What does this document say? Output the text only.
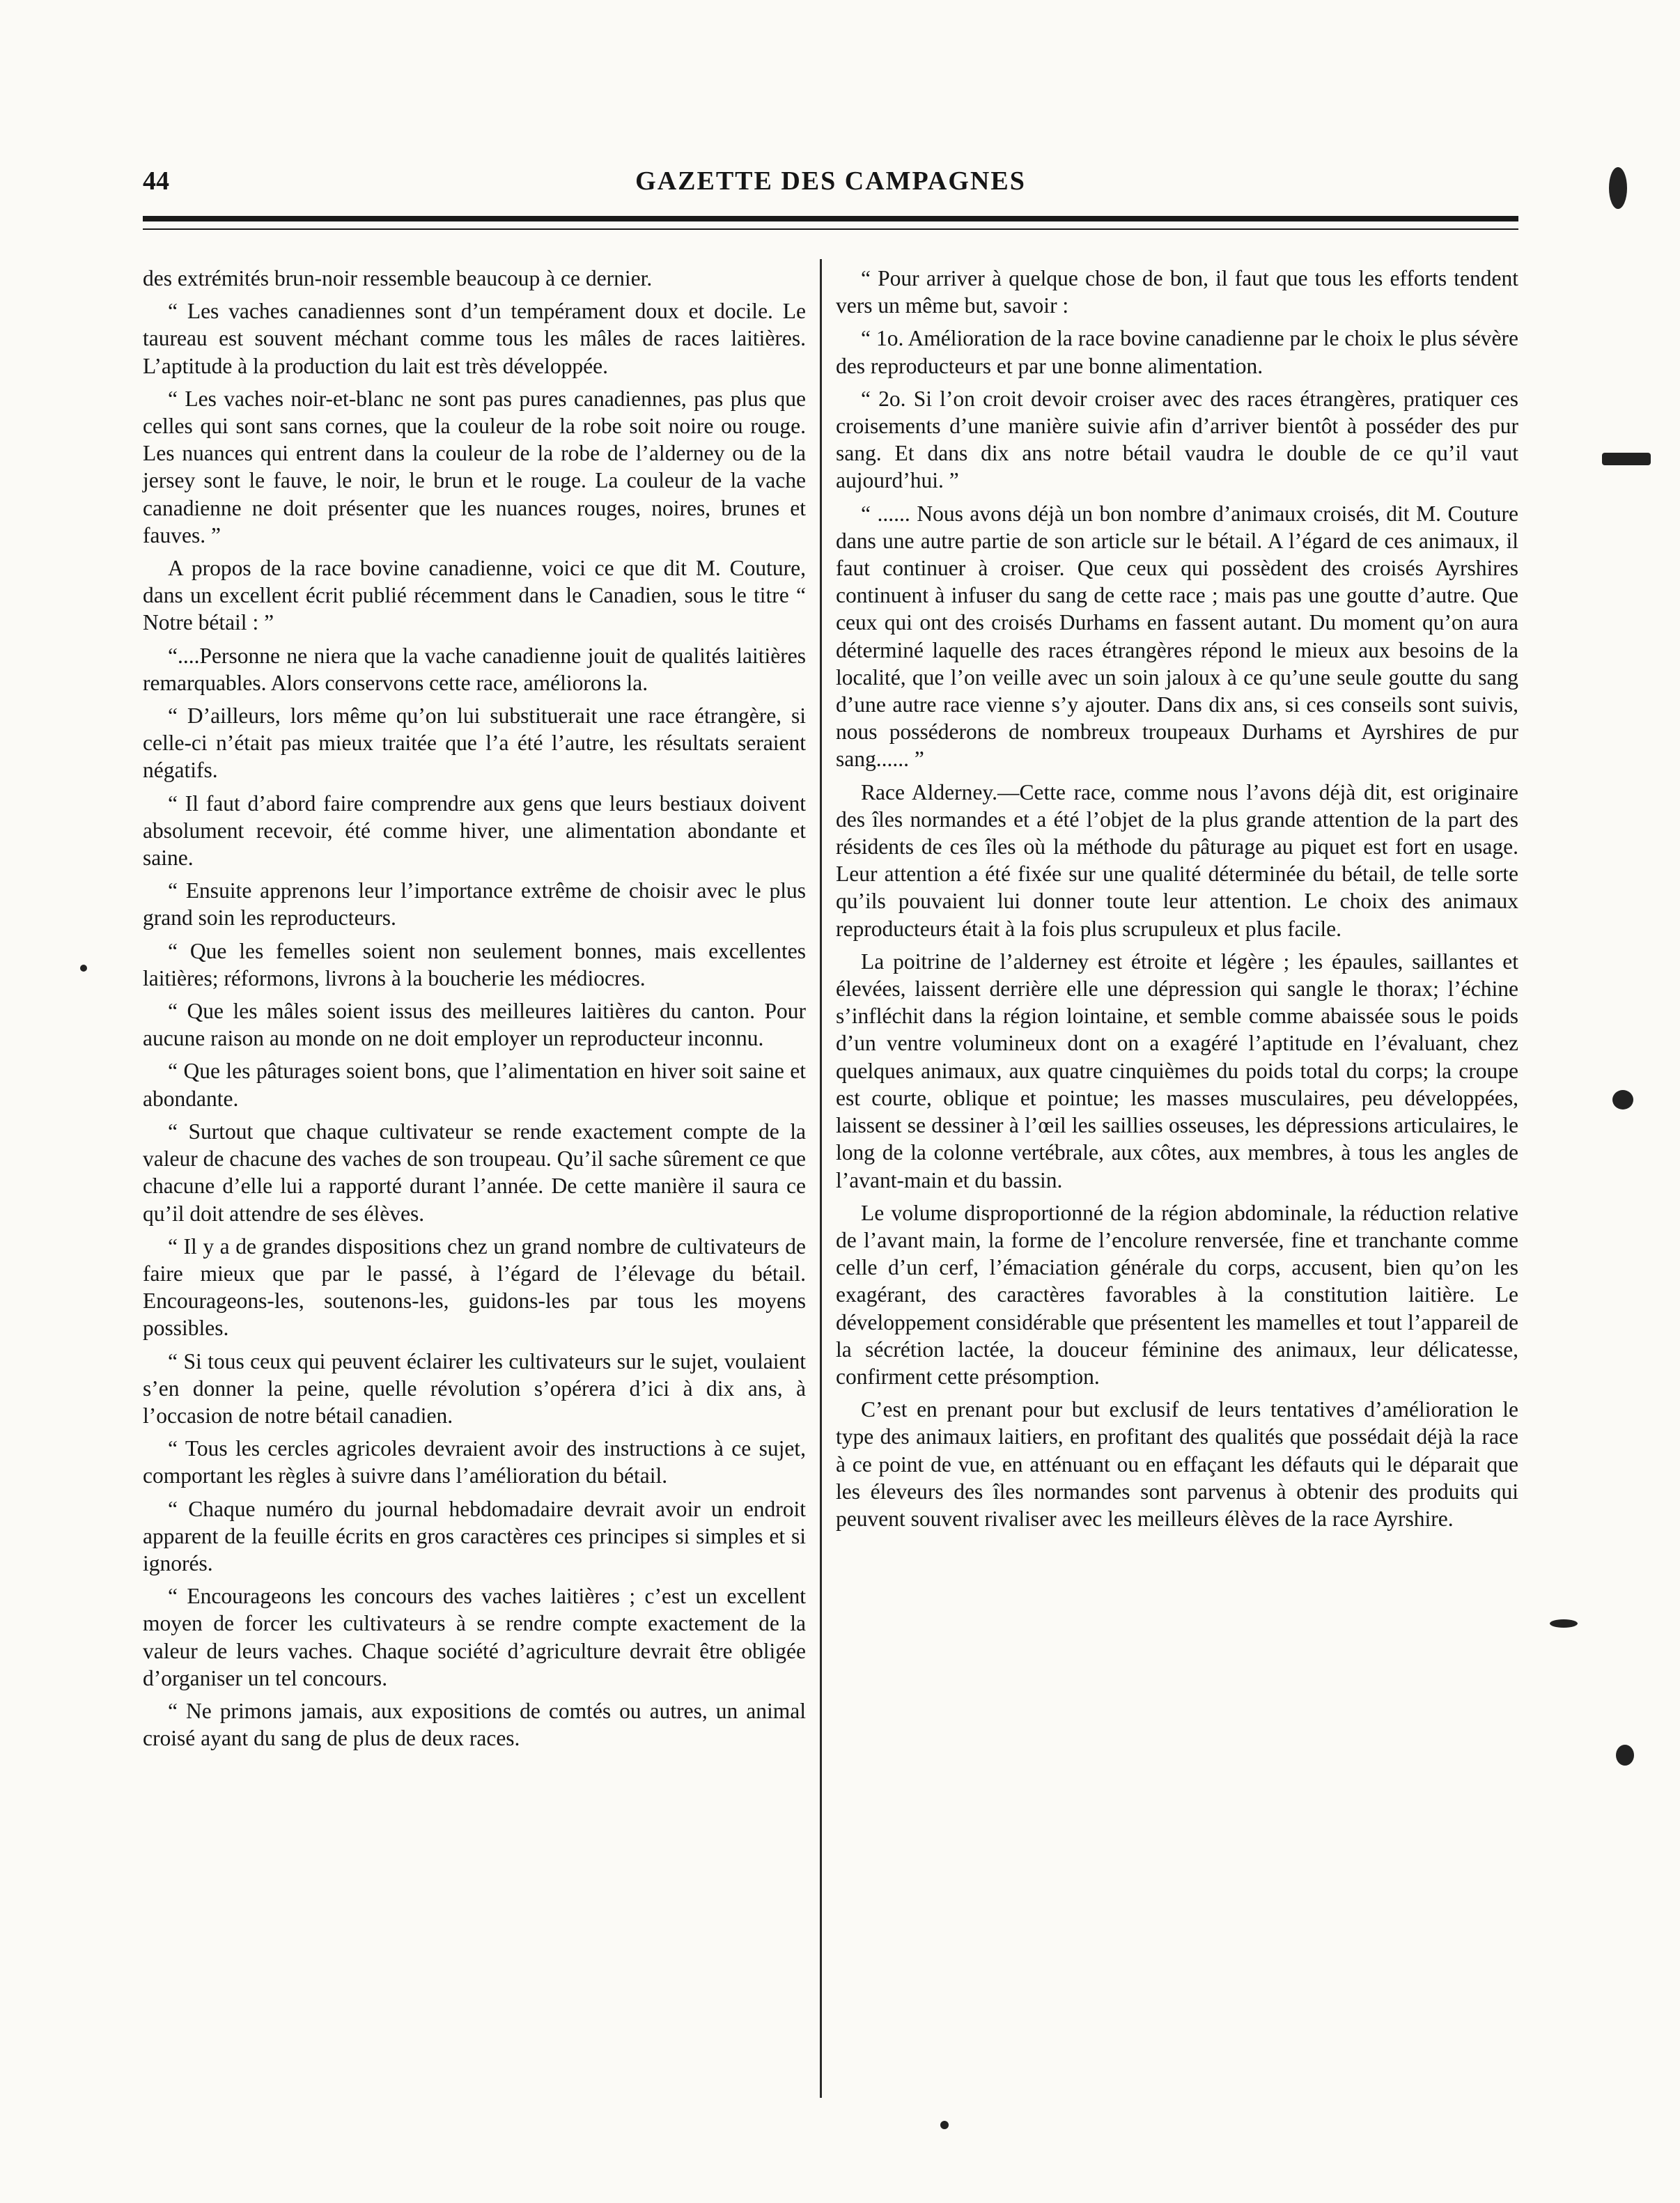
44	GAZETTE DES CAMPAGNES

des extrémités brun-noir ressemble beaucoup à ce dernier.

“ Les vaches canadiennes sont d’un tempérament doux et docile. Le taureau est souvent méchant comme tous les mâles de races laitières. L’aptitude à la production du lait est très développée.

“ Les vaches noir-et-blanc ne sont pas pures canadiennes, pas plus que celles qui sont sans cornes, que la couleur de la robe soit noire ou rouge. Les nuances qui entrent dans la couleur de la robe de l’alderney ou de la jersey sont le fauve, le noir, le brun et le rouge. La couleur de la vache canadienne ne doit présenter que les nuances rouges, noires, brunes et fauves. ”

A propos de la race bovine canadienne, voici ce que dit M. Couture, dans un excellent écrit publié récemment dans le Canadien, sous le titre “ Notre bétail : ”

“....Personne ne niera que la vache canadienne jouit de qualités laitières remarquables. Alors conservons cette race, améliorons la.

“ D’ailleurs, lors même qu’on lui substituerait une race étrangère, si celle-ci n’était pas mieux traitée que l’a été l’autre, les résultats seraient négatifs.

“ Il faut d’abord faire comprendre aux gens que leurs bestiaux doivent absolument recevoir, été comme hiver, une alimentation abondante et saine.

“ Ensuite apprenons leur l’importance extrême de choisir avec le plus grand soin les reproducteurs.

“ Que les femelles soient non seulement bonnes, mais excellentes laitières; réformons, livrons à la boucherie les médiocres.

“ Que les mâles soient issus des meilleures laitières du canton. Pour aucune raison au monde on ne doit employer un reproducteur inconnu.

“ Que les pâturages soient bons, que l’alimentation en hiver soit saine et abondante.

“ Surtout que chaque cultivateur se rende exactement compte de la valeur de chacune des vaches de son troupeau. Qu’il sache sûrement ce que chacune d’elle lui a rapporté durant l’année. De cette manière il saura ce qu’il doit attendre de ses élèves.

“ Il y a de grandes dispositions chez un grand nombre de cultivateurs de faire mieux que par le passé, à l’égard de l’élevage du bétail. Encourageons-les, soutenons-les, guidons-les par tous les moyens possibles.

“ Si tous ceux qui peuvent éclairer les cultivateurs sur le sujet, voulaient s’en donner la peine, quelle révolution s’opérera d’ici à dix ans, à l’occasion de notre bétail canadien.

“ Tous les cercles agricoles devraient avoir des instructions à ce sujet, comportant les règles à suivre dans l’amélioration du bétail.

“ Chaque numéro du journal hebdomadaire devrait avoir un endroit apparent de la feuille écrits en gros caractères ces principes si simples et si ignorés.

“ Encourageons les concours des vaches laitières ; c’est un excellent moyen de forcer les cultivateurs à se rendre compte exactement de la valeur de leurs vaches. Chaque société d’agriculture devrait être obligée d’organiser un tel concours.

“ Ne primons jamais, aux expositions de comtés ou autres, un animal croisé ayant du sang de plus de deux races.

“ Pour arriver à quelque chose de bon, il faut que tous les efforts tendent vers un même but, savoir :

“ 1o. Amélioration de la race bovine canadienne par le choix le plus sévère des reproducteurs et par une bonne alimentation.

“ 2o. Si l’on croit devoir croiser avec des races étrangères, pratiquer ces croisements d’une manière suivie afin d’arriver bientôt à posséder des pur sang. Et dans dix ans notre bétail vaudra le double de ce qu’il vaut aujourd’hui. ”

“ ...... Nous avons déjà un bon nombre d’animaux croisés, dit M. Couture dans une autre partie de son article sur le bétail. A l’égard de ces animaux, il faut continuer à croiser. Que ceux qui possèdent des croisés Ayrshires continuent à infuser du sang de cette race ; mais pas une goutte d’autre. Que ceux qui ont des croisés Durhams en fassent autant. Du moment qu’on aura déterminé laquelle des races étrangères répond le mieux aux besoins de la localité, que l’on veille avec un soin jaloux à ce qu’une seule goutte du sang d’une autre race vienne s’y ajouter. Dans dix ans, si ces conseils sont suivis, nous posséderons de nombreux troupeaux Durhams et Ayrshires de pur sang...... ”

Race Alderney.—Cette race, comme nous l’avons déjà dit, est originaire des îles normandes et a été l’objet de la plus grande attention de la part des résidents de ces îles où la méthode du pâturage au piquet est fort en usage. Leur attention a été fixée sur une qualité déterminée du bétail, de telle sorte qu’ils pouvaient lui donner toute leur attention. Le choix des animaux reproducteurs était à la fois plus scrupuleux et plus facile.

La poitrine de l’alderney est étroite et légère ; les épaules, saillantes et élevées, laissent derrière elle une dépression qui sangle le thorax; l’échine s’infléchit dans la région lointaine, et semble comme abaissée sous le poids d’un ventre volumineux dont on a exagéré l’aptitude en l’évaluant, chez quelques animaux, aux quatre cinquièmes du poids total du corps; la croupe est courte, oblique et pointue; les masses musculaires, peu développées, laissent se dessiner à l’œil les saillies osseuses, les dépressions articulaires, le long de la colonne vertébrale, aux côtes, aux membres, à tous les angles de l’avant-main et du bassin.

Le volume disproportionné de la région abdominale, la réduction relative de l’avant main, la forme de l’encolure renversée, fine et tranchante comme celle d’un cerf, l’émaciation générale du corps, accusent, bien qu’on les exagérant, des caractères favorables à la constitution laitière. Le développement considérable que présentent les mamelles et tout l’appareil de la sécrétion lactée, la douceur féminine des animaux, leur délicatesse, confirment cette présomption.

C’est en prenant pour but exclusif de leurs tentatives d’amélioration le type des animaux laitiers, en profitant des qualités que possédait déjà la race à ce point de vue, en atténuant ou en effaçant les défauts qui le déparait que les éleveurs des îles normandes sont parvenus à obtenir des produits qui peuvent souvent rivaliser avec les meilleurs élèves de la race Ayrshire.
